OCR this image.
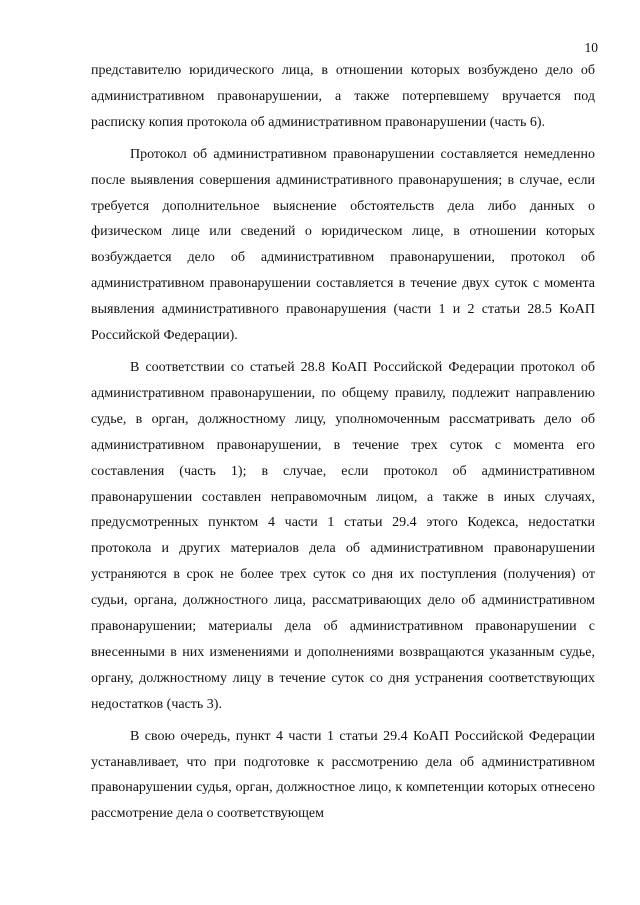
10

представителю юридического лица, в отношении которых возбуждено дело об административном правонарушении, а также потерпевшему вручается под расписку копия протокола об административном правонарушении (часть 6).

Протокол об административном правонарушении составляется немедленно после выявления совершения административного правонарушения; в случае, если требуется дополнительное выяснение обстоятельств дела либо данных о физическом лице или сведений о юридическом лице, в отношении которых возбуждается дело об административном правонарушении, протокол об административном правонарушении составляется в течение двух суток с момента выявления административного правонарушения (части 1 и 2 статьи 28.5 КоАП Российской Федерации).

В соответствии со статьей 28.8 КоАП Российской Федерации протокол об административном правонарушении, по общему правилу, подлежит направлению судье, в орган, должностному лицу, уполномоченным рассматривать дело об административном правонарушении, в течение трех суток с момента его составления (часть 1); в случае, если протокол об административном правонарушении составлен неправомочным лицом, а также в иных случаях, предусмотренных пунктом 4 части 1 статьи 29.4 этого Кодекса, недостатки протокола и других материалов дела об административном правонарушении устраняются в срок не более трех суток со дня их поступления (получения) от судьи, органа, должностного лица, рассматривающих дело об административном правонарушении; материалы дела об административном правонарушении с внесенными в них изменениями и дополнениями возвращаются указанным судье, органу, должностному лицу в течение суток со дня устранения соответствующих недостатков (часть 3).

В свою очередь, пункт 4 части 1 статьи 29.4 КоАП Российской Федерации устанавливает, что при подготовке к рассмотрению дела об административном правонарушении судья, орган, должностное лицо, к компетенции которых отнесено рассмотрение дела о соответствующем
